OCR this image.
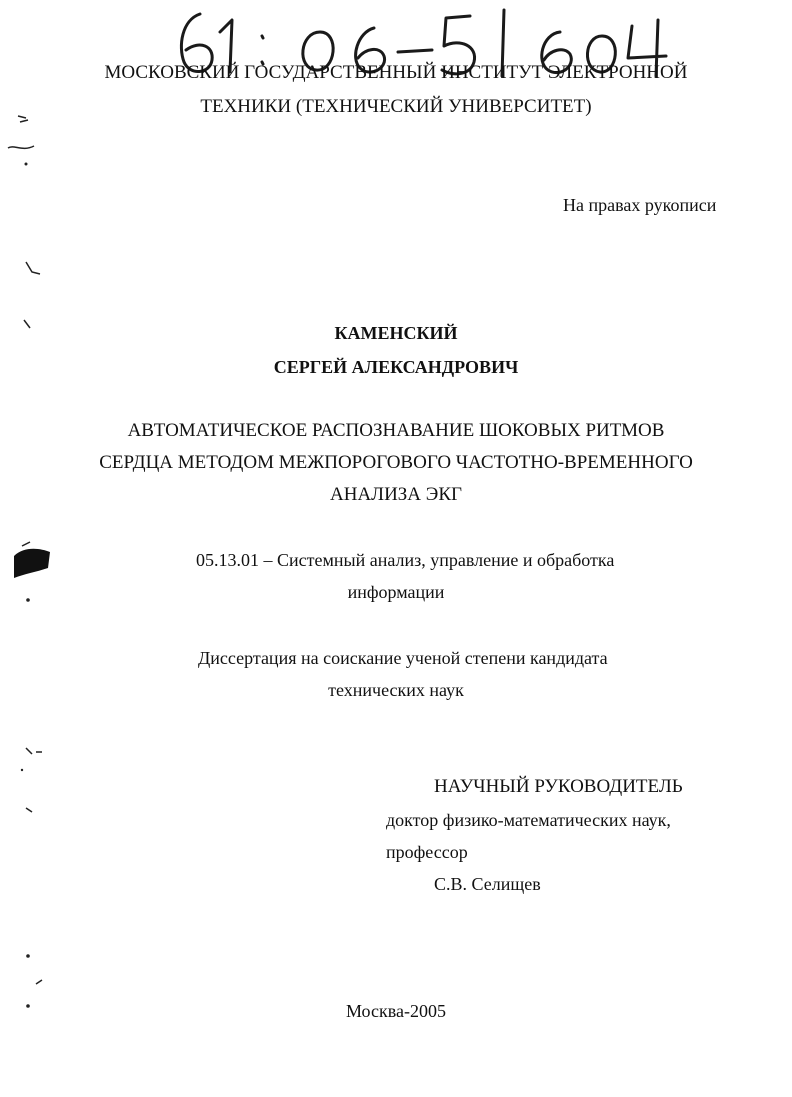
МОСКОВСКИЙ ГОСУДАРСТВЕННЫЙ ИНСТИТУТ ЭЛЕКТРОННОЙ
ТЕХНИКИ (ТЕХНИЧЕСКИЙ УНИВЕРСИТЕТ)
На правах рукописи
КАМЕНСКИЙ
СЕРГЕЙ АЛЕКСАНДРОВИЧ
АВТОМАТИЧЕСКОЕ РАСПОЗНАВАНИЕ ШОКОВЫХ РИТМОВ
СЕРДЦА МЕТОДОМ МЕЖПОРОГОВОГО ЧАСТОТНО-ВРЕМЕННОГО
АНАЛИЗА ЭКГ
05.13.01 – Системный анализ, управление и обработка
информации
Диссертация на соискание ученой степени кандидата
технических наук
НАУЧНЫЙ РУКОВОДИТЕЛЬ
доктор физико-математических наук,
профессор
С.В. Селищев
Москва-2005
